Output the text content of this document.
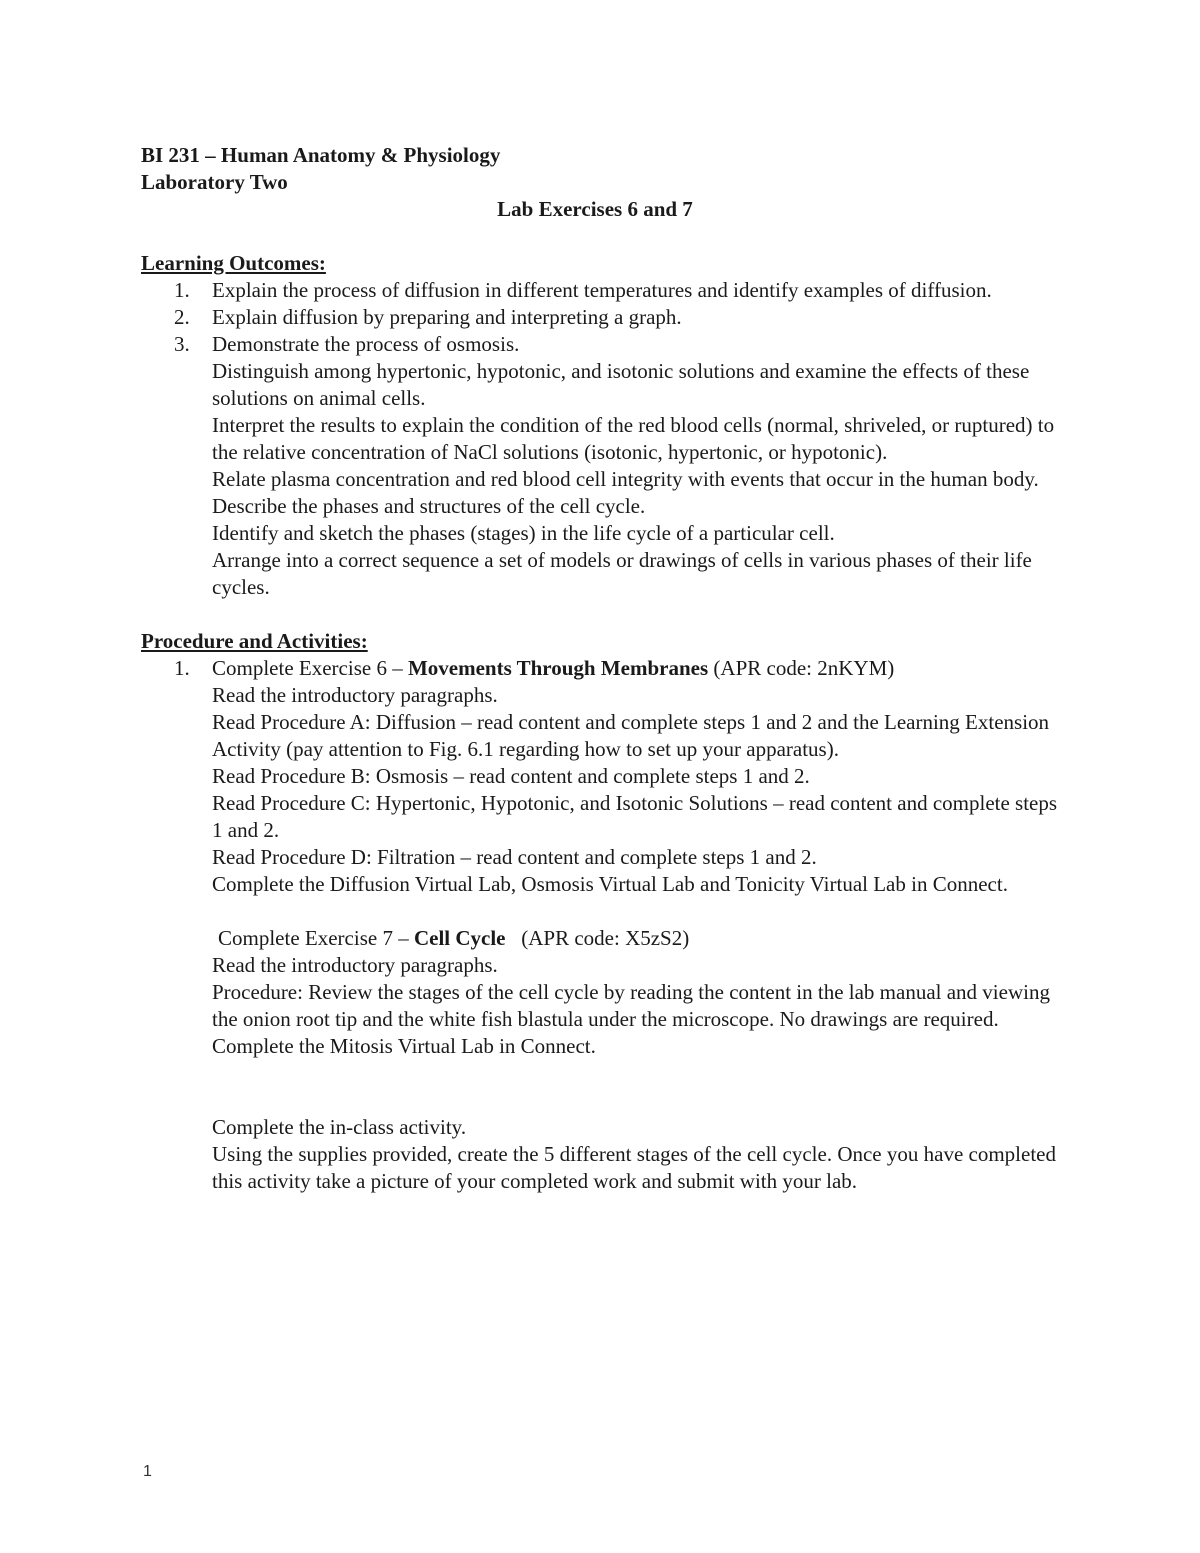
BI 231 – Human Anatomy & Physiology
Laboratory Two
Lab Exercises 6 and 7
Learning Outcomes:
1. Explain the process of diffusion in different temperatures and identify examples of diffusion.
2. Explain diffusion by preparing and interpreting a graph.
3. Demonstrate the process of osmosis.
Distinguish among hypertonic, hypotonic, and isotonic solutions and examine the effects of these solutions on animal cells.
Interpret the results to explain the condition of the red blood cells (normal, shriveled, or ruptured) to the relative concentration of NaCl solutions (isotonic, hypertonic, or hypotonic).
Relate plasma concentration and red blood cell integrity with events that occur in the human body.
Describe the phases and structures of the cell cycle.
Identify and sketch the phases (stages) in the life cycle of a particular cell.
Arrange into a correct sequence a set of models or drawings of cells in various phases of their life cycles.
Procedure and Activities:
1. Complete Exercise 6 – Movements Through Membranes (APR code: 2nKYM)
Read the introductory paragraphs.
Read Procedure A: Diffusion – read content and complete steps 1 and 2 and the Learning Extension Activity (pay attention to Fig. 6.1 regarding how to set up your apparatus).
Read Procedure B: Osmosis – read content and complete steps 1 and 2.
Read Procedure C: Hypertonic, Hypotonic, and Isotonic Solutions – read content and complete steps 1 and 2.
Read Procedure D: Filtration – read content and complete steps 1 and 2.
Complete the Diffusion Virtual Lab, Osmosis Virtual Lab and Tonicity Virtual Lab in Connect.
Complete Exercise 7 – Cell Cycle   (APR code: X5zS2)
Read the introductory paragraphs.
Procedure: Review the stages of the cell cycle by reading the content in the lab manual and viewing the onion root tip and the white fish blastula under the microscope. No drawings are required.
Complete the Mitosis Virtual Lab in Connect.
Complete the in-class activity.
Using the supplies provided, create the 5 different stages of the cell cycle. Once you have completed this activity take a picture of your completed work and submit with your lab.
1
